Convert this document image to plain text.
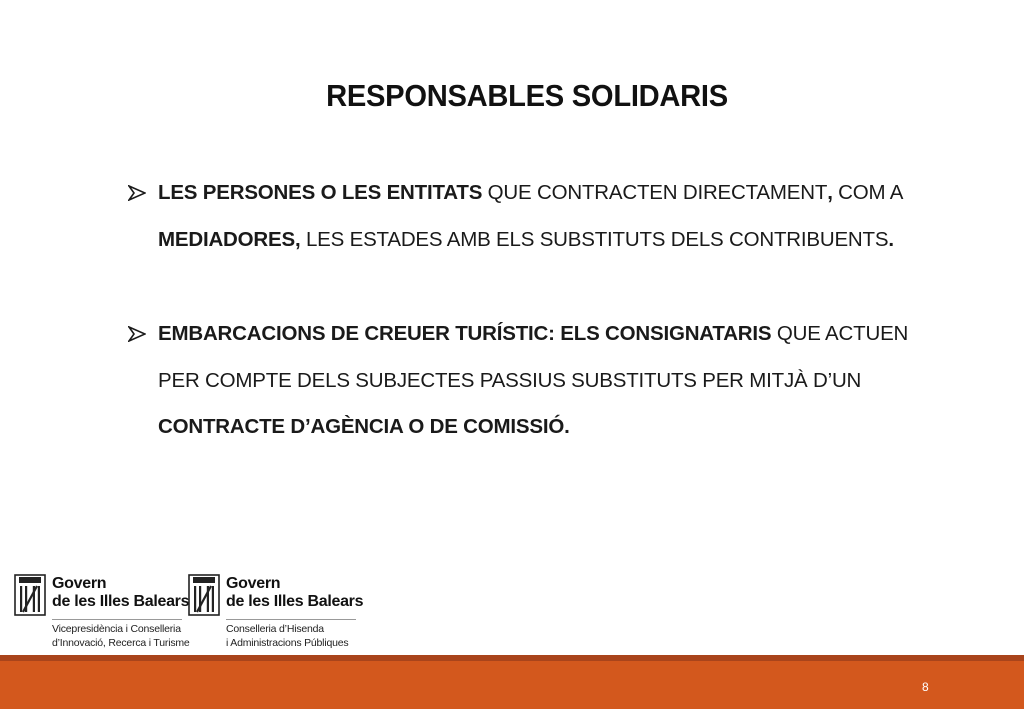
RESPONSABLES SOLIDARIS
LES PERSONES O LES ENTITATS QUE CONTRACTEN DIRECTAMENT, COM A MEDIADORES, LES ESTADES AMB ELS SUBSTITUTS DELS CONTRIBUENTS.
EMBARCACIONS DE CREUER TURÍSTIC: ELS CONSIGNATARIS QUE ACTUEN PER COMPTE DELS SUBJECTES PASSIUS SUBSTITUTS PER MITJÀ D’UN CONTRACTE D’AGÈNCIA O DE COMISSIÓ.
Govern
de les Illes Balears
Vicepresidència i Conselleria
d’Innovació, Recerca i Turisme
Govern
de les Illes Balears
Conselleria d’Hisenda
i Administracions Públiques
8
